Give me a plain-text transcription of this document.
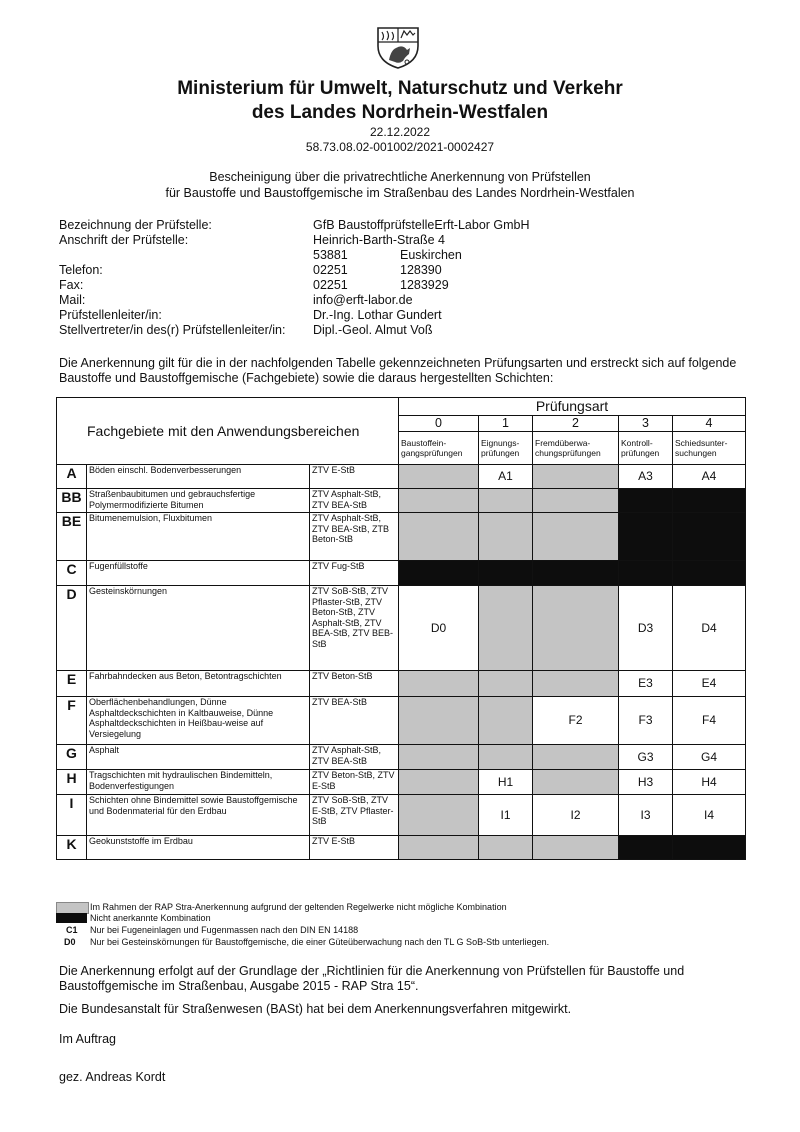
Ministerium für Umwelt, Naturschutz und Verkehr
des Landes Nordrhein-Westfalen
22.12.2022
58.73.08.02-001002/2021-0002427
Bescheinigung über die privatrechtliche Anerkennung von Prüfstellen
für Baustoffe und Baustoffgemische im Straßenbau des Landes Nordrhein-Westfalen
Bezeichnung der Prüfstelle:	GfB BaustoffprüfstelleErft-Labor GmbH
Anschrift der Prüfstelle:	Heinrich-Barth-Straße 4
53881	Euskirchen
Telefon:	02251	128390
Fax:	02251	1283929
Mail:	info@erft-labor.de
Prüfstellenleiter/in:	Dr.-Ing. Lothar Gundert
Stellvertreter/in des(r) Prüfstellenleiter/in: Dipl.-Geol. Almut Voß
Die Anerkennung gilt für die in der nachfolgenden Tabelle gekennzeichneten Prüfungsarten und erstreckt sich auf folgende Baustoffe und Baustoffgemische (Fachgebiete) sowie die daraus hergestellten Schichten:
Fachgebiete mit den Anwendungsbereichen			Prüfungsart				
			0	1	2	3	4
			Baustoffein-gangsprüfungen	Eignungs-prüfungen	Fremdüberwa-chungsprüfungen	Kontroll-prüfungen	Schiedsunter-suchungen
A	Böden einschl. Bodenverbesserungen	ZTV E-StB		A1		A3	A4
BB	Straßenbaubitumen und gebrauchsfertige Polymermodifizierte Bitumen	ZTV Asphalt-StB, ZTV BEA-StB					
BE	Bitumenemulsion, Fluxbitumen	ZTV Asphalt-StB, ZTV BEA-StB, ZTB Beton-StB					
C	Fugenfüllstoffe	ZTV Fug-StB					
D	Gesteinskörnungen	ZTV SoB-StB, ZTV Pflaster-StB, ZTV Beton-StB, ZTV Asphalt-StB, ZTV BEA-StB, ZTV BEB-StB	D0			D3	D4
E	Fahrbahndecken aus Beton, Betontragschichten	ZTV Beton-StB				E3	E4
F	Oberflächenbehandlungen, Dünne Asphaltdeckschichten in Kaltbauweise, Dünne Asphaltdeckschichten in Heißbau-weise auf Versiegelung	ZTV BEA-StB			F2	F3	F4
G	Asphalt	ZTV Asphalt-StB, ZTV BEA-StB				G3	G4
H	Tragschichten mit hydraulischen Bindemitteln, Bodenverfestigungen	ZTV Beton-StB, ZTV E-StB		H1		H3	H4
I	Schichten ohne Bindemittel sowie Baustoffgemische und Bodenmaterial für den Erdbau	ZTV SoB-StB, ZTV E-StB, ZTV Pflaster-StB		I1	I2	I3	I4
K	Geokunststoffe im Erdbau	ZTV E-StB					
Im Rahmen der RAP Stra-Anerkennung aufgrund der geltenden Regelwerke nicht mögliche Kombination
Nicht anerkannte Kombination
C1 Nur bei Fugeneinlagen und Fugenmassen nach den DIN EN 14188
D0 Nur bei Gesteinskörnungen für Baustoffgemische, die einer Güteüberwachung nach den TL G SoB-Stb unterliegen.
Die Anerkennung erfolgt auf der Grundlage der „Richtlinien für die Anerkennung von Prüfstellen für Baustoffe und Baustoffgemische im Straßenbau, Ausgabe 2015 - RAP Stra 15“.
Die Bundesanstalt für Straßenwesen (BASt) hat bei dem Anerkennungsverfahren mitgewirkt.
Im Auftrag
gez. Andreas Kordt
